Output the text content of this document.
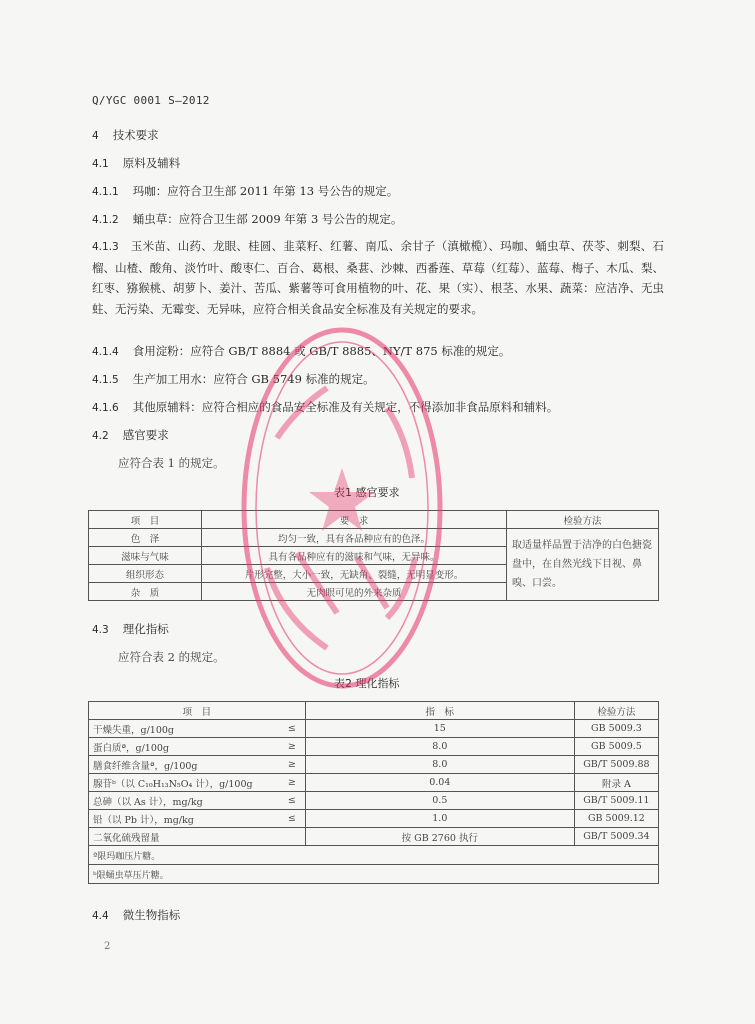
Q/YGC 0001 S—2012
4 技术要求
4.1 原料及辅料
4.1.1 玛咖：应符合卫生部 2011 年第 13 号公告的规定。
4.1.2 蛹虫草：应符合卫生部 2009 年第 3 号公告的规定。
4.1.3 玉米苗、山药、龙眼、桂圆、韭菜籽、红薯、南瓜、余甘子（滇橄榄）、玛咖、蛹虫草、茯苓、刺梨、石榴、山楂、酸角、淡竹叶、酸枣仁、百合、葛根、桑葚、沙棘、西番莲、草莓（红莓）、蓝莓、梅子、木瓜、梨、红枣、猕猴桃、胡萝卜、姜汁、苦瓜、紫薯等可食用植物的叶、花、果（实）、根茎、水果、蔬菜：应洁净、无虫蛀、无污染、无霉变、无异味，应符合相关食品安全标准及有关规定的要求。
4.1.4 食用淀粉：应符合 GB/T 8884 或 GB/T 8885、NY/T 875 标准的规定。
4.1.5 生产加工用水：应符合 GB 5749 标准的规定。
4.1.6 其他原辅料：应符合相应的食品安全标准及有关规定，不得添加非食品原料和辅料。
4.2 感官要求
应符合表 1 的规定。
表1 感官要求
项　目	要　求	检验方法
色　泽	均匀一致，具有各品种应有的色泽。	取适量样品置于洁净的白色搪瓷盘中，在自然光线下目视、鼻嗅、口尝。
滋味与气味	具有各品种应有的滋味和气味，无异味。	
组织形态	片形完整，大小一致，无缺角、裂缝，无明显变形。	
杂　质	无肉眼可见的外来杂质	
4.3 理化指标
应符合表 2 的规定。
表2 理化指标
项　目		指　标	检验方法
干燥失重，g/100g	≤	15	GB 5009.3
蛋白质ª，g/100g	≥	8.0	GB 5009.5
膳食纤维含量ª，g/100g	≥	8.0	GB/T 5009.88
腺苷ᵇ（以 C₁₀H₁₃N₅O₄ 计），g/100g	≥	0.04	附录 A
总砷（以 As 计），mg/kg	≤	0.5	GB/T 5009.11
铅（以 Pb 计），mg/kg	≤	1.0	GB 5009.12
二氧化硫残留量		按 GB 2760 执行	GB/T 5009.34
ª限玛咖压片糖。			
ᵇ限蛹虫草压片糖。			
4.4 微生物指标
2
